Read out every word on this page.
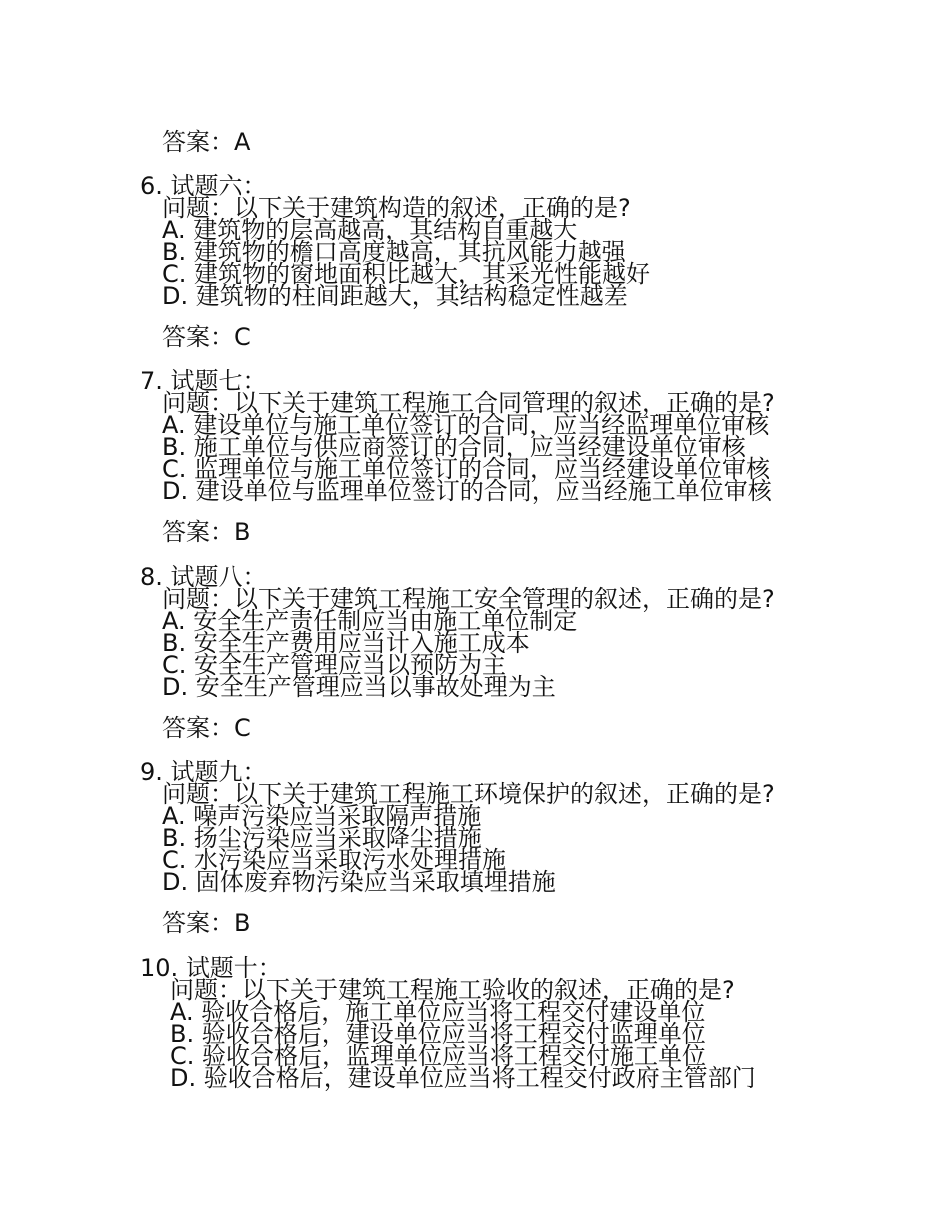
答案：A
6. 试题六：
问题：以下关于建筑构造的叙述，正确的是?
A. 建筑物的层高越高，其结构自重越大
B. 建筑物的檐口高度越高，其抗风能力越强
C. 建筑物的窗地面积比越大，其采光性能越好
D. 建筑物的柱间距越大，其结构稳定性越差
答案：C
7. 试题七：
问题：以下关于建筑工程施工合同管理的叙述，正确的是?
A. 建设单位与施工单位签订的合同，应当经监理单位审核
B. 施工单位与供应商签订的合同，应当经建设单位审核
C. 监理单位与施工单位签订的合同，应当经建设单位审核
D. 建设单位与监理单位签订的合同，应当经施工单位审核
答案：B
8. 试题八：
问题：以下关于建筑工程施工安全管理的叙述，正确的是?
A. 安全生产责任制应当由施工单位制定
B. 安全生产费用应当计入施工成本
C. 安全生产管理应当以预防为主
D. 安全生产管理应当以事故处理为主
答案：C
9. 试题九：
问题：以下关于建筑工程施工环境保护的叙述，正确的是?
A. 噪声污染应当采取隔声措施
B. 扬尘污染应当采取降尘措施
C. 水污染应当采取污水处理措施
D. 固体废弃物污染应当采取填埋措施
答案：B
10. 试题十：
问题：以下关于建筑工程施工验收的叙述，正确的是?
A. 验收合格后，施工单位应当将工程交付建设单位
B. 验收合格后，建设单位应当将工程交付监理单位
C. 验收合格后，监理单位应当将工程交付施工单位
D. 验收合格后，建设单位应当将工程交付政府主管部门
